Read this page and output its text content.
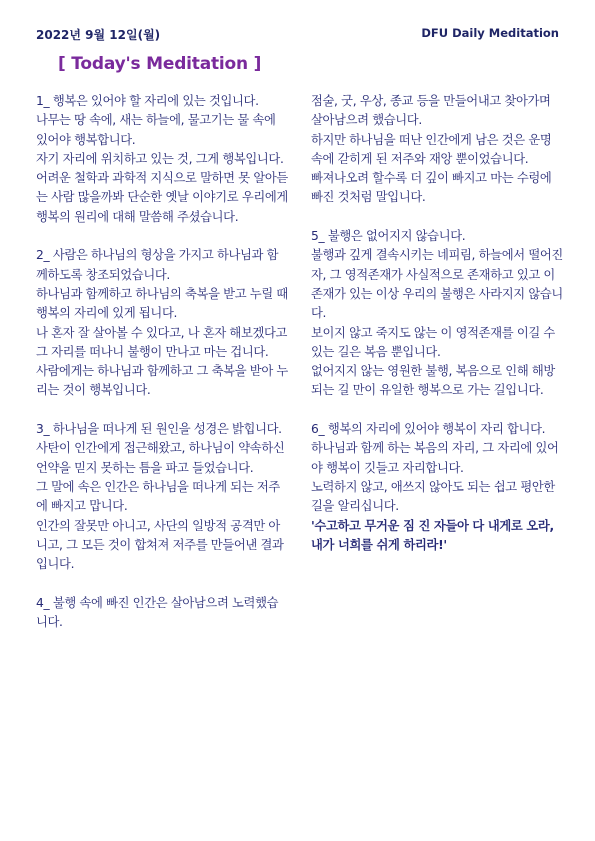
2022년 9월 12일(월)	DFU Daily Meditation
[ Today's Meditation ]

1_ 행복은 있어야 할 자리에 있는 것입니다.

나무는 땅 속에, 새는 하늘에, 물고기는 물 속에 있어야 행복합니다.

자기 자리에 위치하고 있는 것, 그게 행복입니다.

어려운 철학과 과학적 지식으로 말하면 못 알아듣는 사람 많을까봐 단순한 옛날 이야기로 우리에게 행복의 원리에 대해 말씀해 주셨습니다.

2_ 사람은 하나님의 형상을 가지고 하나님과 함께하도록 창조되었습니다.

하나님과 함께하고 하나님의 축복을 받고 누릴 때 행복의 자리에 있게 됩니다.

나 혼자 잘 살아볼 수 있다고, 나 혼자 해보겠다고 그 자리를 떠나니 불행이 만나고 마는 겁니다.

사람에게는 하나님과 함께하고 그 축복을 받아 누리는 것이 행복입니다.

3_ 하나님을 떠나게 된 원인을 성경은 밝힙니다.

사탄이 인간에게 접근해왔고, 하나님이 약속하신 언약을 믿지 못하는 틈을 파고 들었습니다.

그 말에 속은 인간은 하나님을 떠나게 되는 저주에 빠지고 맙니다.

인간의 잘못만 아니고, 사단의 일방적 공격만 아니고, 그 모든 것이 합쳐져 저주를 만들어낸 결과 입니다.

4_ 불행 속에 빠진 인간은 살아남으려 노력했습니다.

점술, 굿, 우상, 종교 등을 만들어내고 찾아가며 살아남으려 했습니다.

하지만 하나님을 떠난 인간에게 남은 것은 운명 속에 갇히게 된 저주와 재앙 뿐이었습니다.

빠져나오려 할수록 더 깊이 빠지고 마는 수렁에 빠진 것처럼 말입니다.

5_ 불행은 없어지지 않습니다.

불행과 깊게 결속시키는 네피림, 하늘에서 떨어진 자, 그 영적존재가 사실적으로 존재하고 있고 이 존재가 있는 이상 우리의 불행은 사라지지 않습니다.

보이지 않고 죽지도 않는 이 영적존재를 이길 수 있는 길은 복음 뿐입니다.

없어지지 않는 영원한 불행, 복음으로 인해 해방되는 길 만이 유일한 행복으로 가는 길입니다.

6_ 행복의 자리에 있어야 행복이 자리 합니다.

하나님과 함께 하는 복음의 자리, 그 자리에 있어야 행복이 깃들고 자리합니다.

노력하지 않고, 애쓰지 않아도 되는 쉽고 평안한 길을 알리십니다.

'수고하고 무거운 짐 진 자들아 다 내게로 오라, 내가 너희를 쉬게 하리라!'
